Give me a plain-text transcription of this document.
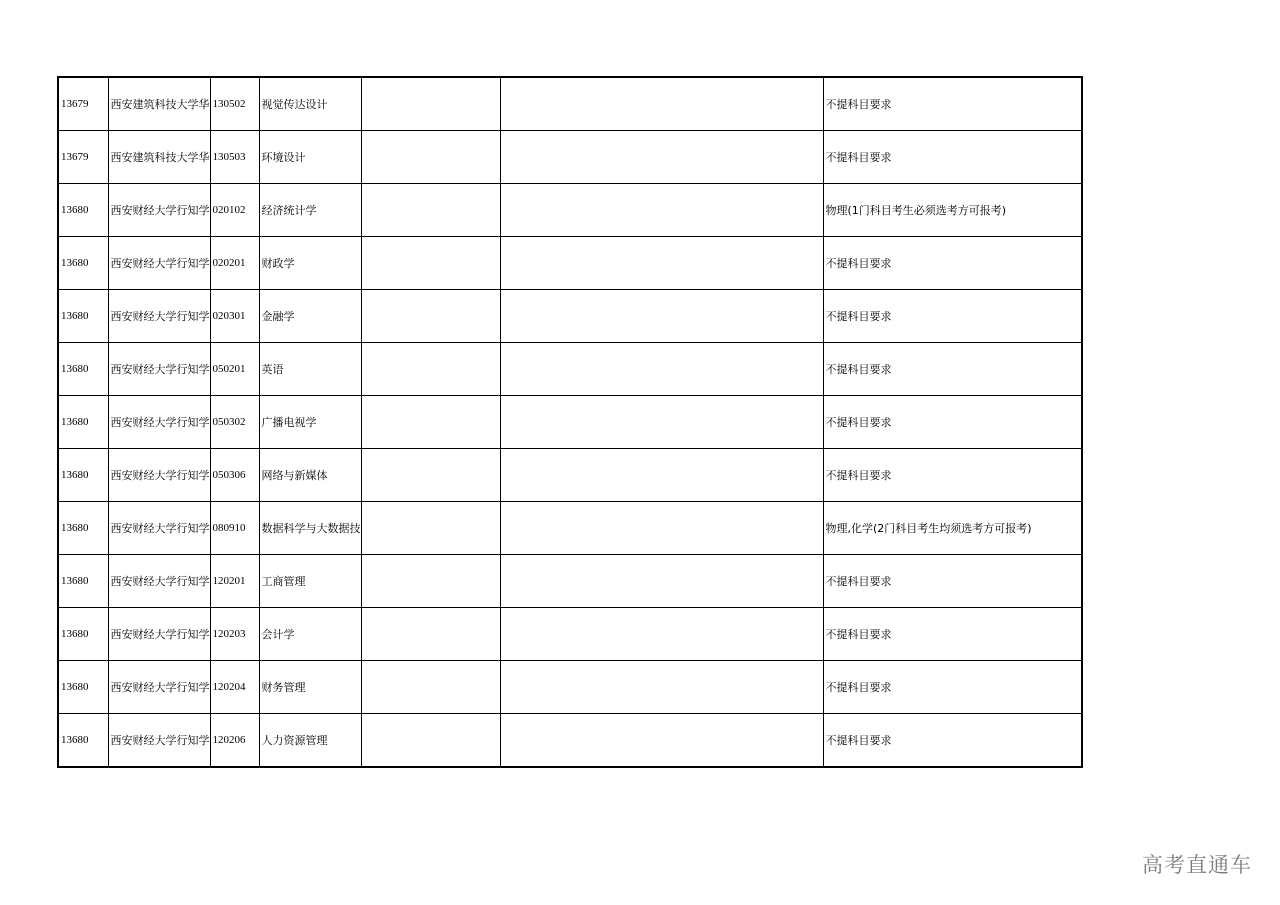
13679	西安建筑科技大学华	130502	视觉传达设计			不提科目要求
13679	西安建筑科技大学华	130503	环境设计			不提科目要求
13680	西安财经大学行知学	020102	经济统计学			物理(1门科目考生必须选考方可报考)
13680	西安财经大学行知学	020201	财政学			不提科目要求
13680	西安财经大学行知学	020301	金融学			不提科目要求
13680	西安财经大学行知学	050201	英语			不提科目要求
13680	西安财经大学行知学	050302	广播电视学			不提科目要求
13680	西安财经大学行知学	050306	网络与新媒体			不提科目要求
13680	西安财经大学行知学	080910	数据科学与大数据技			物理,化学(2门科目考生均须选考方可报考)
13680	西安财经大学行知学	120201	工商管理			不提科目要求
13680	西安财经大学行知学	120203	会计学			不提科目要求
13680	西安财经大学行知学	120204	财务管理			不提科目要求
13680	西安财经大学行知学	120206	人力资源管理			不提科目要求
高考直通车
